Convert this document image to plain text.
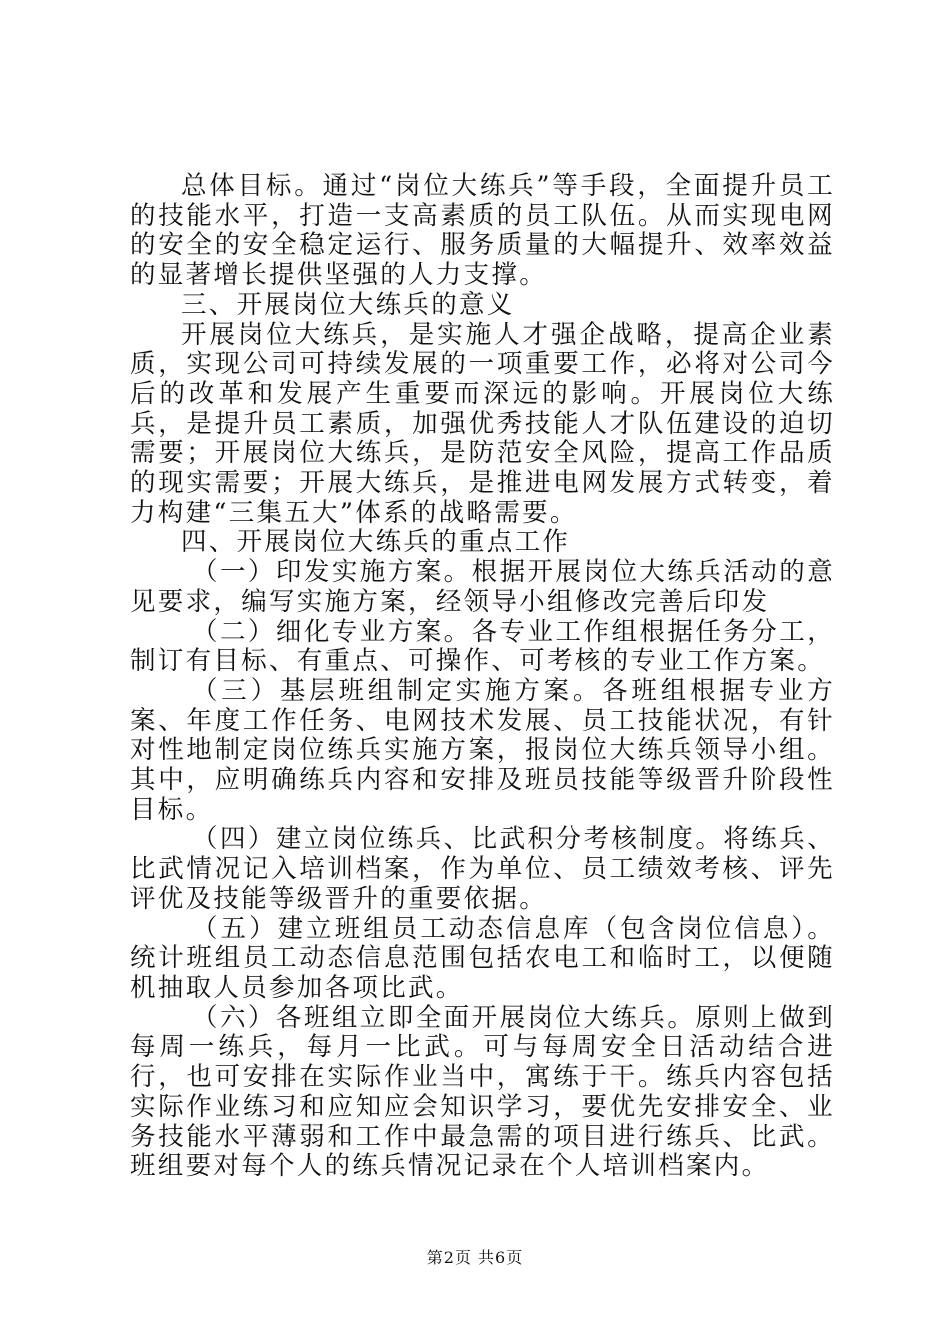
总体目标。通过“岗位大练兵”等手段，全面提升员工的技能水平，打造一支高素质的员工队伍。从而实现电网的安全的安全稳定运行、服务质量的大幅提升、效率效益的显著增长提供坚强的人力支撑。

三、开展岗位大练兵的意义

开展岗位大练兵，是实施人才强企战略，提高企业素质，实现公司可持续发展的一项重要工作，必将对公司今后的改革和发展产生重要而深远的影响。开展岗位大练兵，是提升员工素质，加强优秀技能人才队伍建设的迫切需要；开展岗位大练兵，是防范安全风险，提高工作品质的现实需要；开展大练兵，是推进电网发展方式转变，着力构建“三集五大”体系的战略需要。

四、开展岗位大练兵的重点工作

（一）印发实施方案。根据开展岗位大练兵活动的意见要求，编写实施方案，经领导小组修改完善后印发

（二）细化专业方案。各专业工作组根据任务分工，制订有目标、有重点、可操作、可考核的专业工作方案。

（三）基层班组制定实施方案。各班组根据专业方案、年度工作任务、电网技术发展、员工技能状况，有针对性地制定岗位练兵实施方案，报岗位大练兵领导小组。其中，应明确练兵内容和安排及班员技能等级晋升阶段性目标。

（四）建立岗位练兵、比武积分考核制度。将练兵、比武情况记入培训档案，作为单位、员工绩效考核、评先评优及技能等级晋升的重要依据。

（五）建立班组员工动态信息库（包含岗位信息）。统计班组员工动态信息范围包括农电工和临时工，以便随机抽取人员参加各项比武。

（六）各班组立即全面开展岗位大练兵。原则上做到每周一练兵，每月一比武。可与每周安全日活动结合进行，也可安排在实际作业当中，寓练于干。练兵内容包括实际作业练习和应知应会知识学习，要优先安排安全、业务技能水平薄弱和工作中最急需的项目进行练兵、比武。班组要对每个人的练兵情况记录在个人培训档案内。

第2页 共6页
